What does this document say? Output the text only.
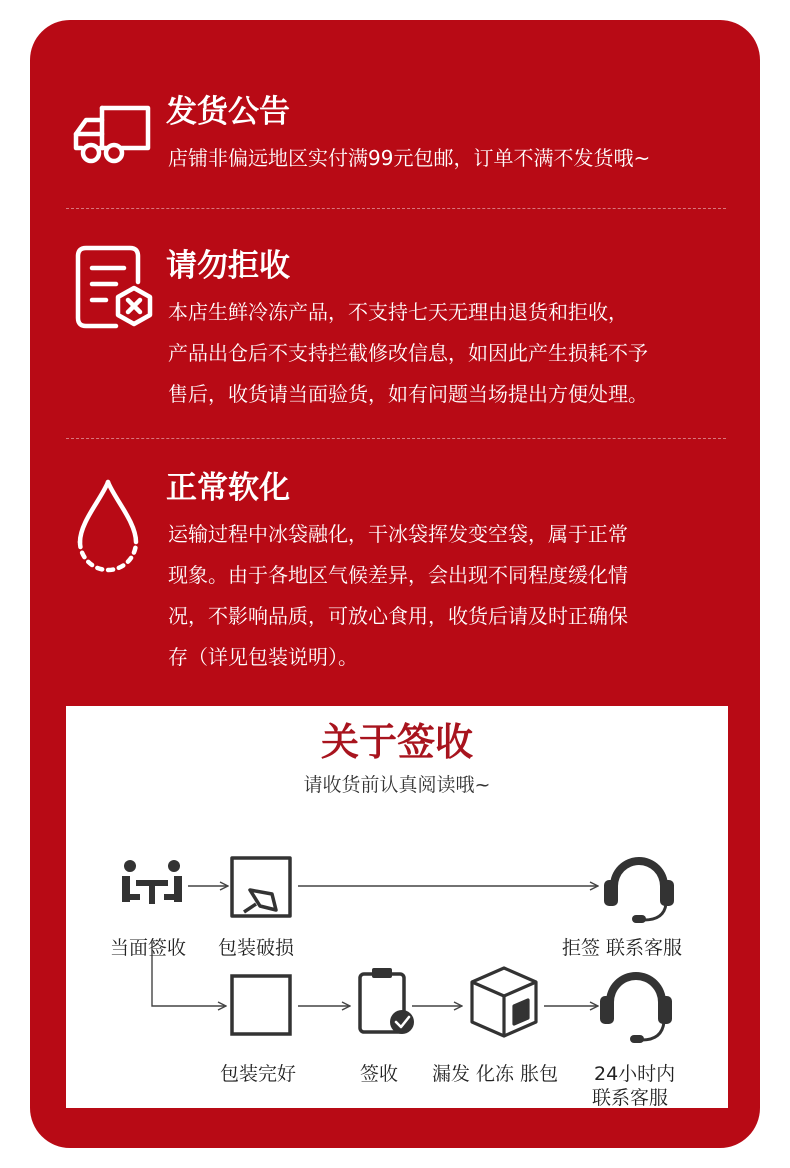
发货公告
店铺非偏远地区实付满99元包邮，订单不满不发货哦~
请勿拒收
本店生鲜冷冻产品，不支持七天无理由退货和拒收，
产品出仓后不支持拦截修改信息，如因此产生损耗不予
售后，收货请当面验货，如有问题当场提出方便处理。
正常软化
运输过程中冰袋融化，干冰袋挥发变空袋，属于正常
现象。由于各地区气候差异，会出现不同程度缓化情
况，不影响品质，可放心食用，收货后请及时正确保
存（详见包装说明）。
关于签收
请收货前认真阅读哦~
当面签收 包装破损	拒签 联系客服
包装完好	签收 漏发 化冻 胀包 24小时内
联系客服
